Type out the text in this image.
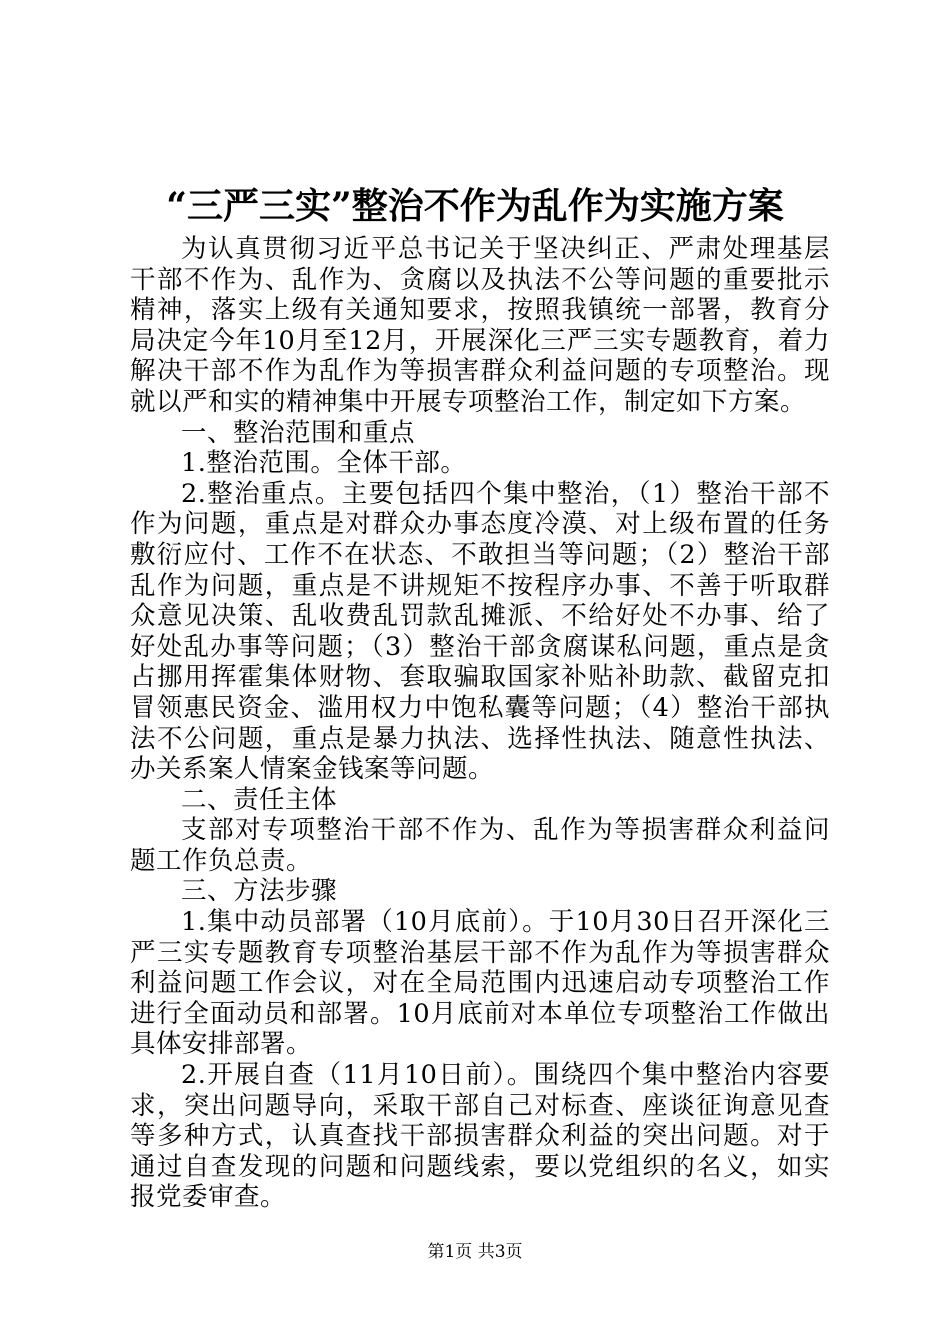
“三严三实”整治不作为乱作为实施方案

为认真贯彻习近平总书记关于坚决纠正、严肃处理基层干部不作为、乱作为、贪腐以及执法不公等问题的重要批示精神，落实上级有关通知要求，按照我镇统一部署，教育分局决定今年10月至12月，开展深化三严三实专题教育，着力解决干部不作为乱作为等损害群众利益问题的专项整治。现就以严和实的精神集中开展专项整治工作，制定如下方案。

一、整治范围和重点

1.整治范围。全体干部。

2.整治重点。主要包括四个集中整治，（1）整治干部不作为问题，重点是对群众办事态度冷漠、对上级布置的任务敷衍应付、工作不在状态、不敢担当等问题；（2）整治干部乱作为问题，重点是不讲规矩不按程序办事、不善于听取群众意见决策、乱收费乱罚款乱摊派、不给好处不办事、给了好处乱办事等问题；（3）整治干部贪腐谋私问题，重点是贪占挪用挥霍集体财物、套取骗取国家补贴补助款、截留克扣冒领惠民资金、滥用权力中饱私囊等问题；（4）整治干部执法不公问题，重点是暴力执法、选择性执法、随意性执法、办关系案人情案金钱案等问题。

二、责任主体

支部对专项整治干部不作为、乱作为等损害群众利益问题工作负总责。

三、方法步骤

1.集中动员部署（10月底前）。于10月30日召开深化三严三实专题教育专项整治基层干部不作为乱作为等损害群众利益问题工作会议，对在全局范围内迅速启动专项整治工作进行全面动员和部署。10月底前对本单位专项整治工作做出具体安排部署。

2.开展自查（11月10日前）。围绕四个集中整治内容要求，突出问题导向，采取干部自己对标查、座谈征询意见查等多种方式，认真查找干部损害群众利益的突出问题。对于通过自查发现的问题和问题线索，要以党组织的名义，如实报党委审查。

第1页 共3页
